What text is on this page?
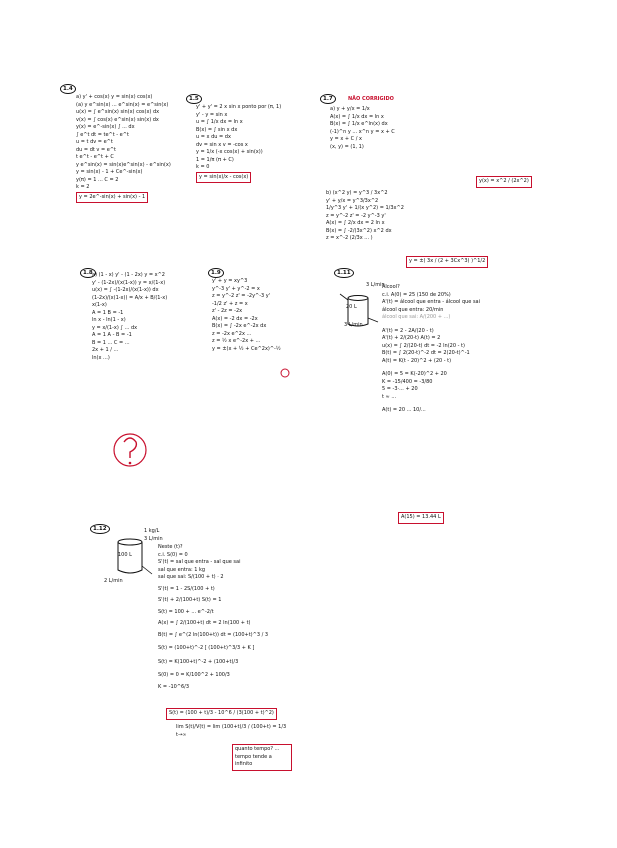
1.4
a) y' + cos(x) y = sin(x) cos(x)
(a) y e^sin(x) ... e^sin(x) = e^sin(x)
u(x) = ∫ e^sin(x) sin(x) cos(x) dx
v(x) = ∫ cos(x) e^sin(x) sin(x) dx
y(x) = e^-sin(x) ∫ ... dx
∫ e^t dt = te^t - e^t
u = t dv = e^t
du = dt v = e^t
t e^t - e^t + C
y e^sin(x) = sin(x)e^sin(x) - e^sin(x)
y = sin(x) - 1 + Ce^-sin(x)
y(π) = 1 ... C = 2
k = 2
y = 2e^-sin(x) + sin(x) - 1
1.5
y' + y' = 2 x sin x ponto por (π, 1)
y' - y = sin x
u = ∫ 1/x dx = ln x
B(x) = ∫ sin x dx
u = x du = dx
dv = sin x v = -cos x
y = 1/x (-x cos(x) + sin(x))
1 = 1/π (π + C)
k = 0
y = sin(x)/x - cos(x)
1.7	NÃO CORRIGIDO
a) y + y/x = 1/x
A(x) = ∫ 1/x dx = ln x
B(x) = ∫ 1/x e^ln(x) dx
(-1)^n y ... x^n y = x + C
y = x + C / x
(x, y) = (1, 1)
y(x) = x^2 / (2x^2)
b) (x^2 y) = y^3 / 3x^2
y' + y/x = y^3/3x^2
1/y^3 y' + 1/(x y^2) = 1/3x^2
z = y^-2 z' = -2 y^-3 y'
A(x) = ∫ 2/x dx = 2 ln x
B(x) = ∫ -2/(3x^2) x^2 dx
z = x^-2 (2/3x ... )
y = ±( 3x / (2 + 3Cx^3) )^1/2
1.8 a) (1 - x) y' - (1 - 2x) y = x^2
y' - (1-2x)/(x(1-x)) y = x/(1-x)
u(x) = ∫ -(1-2x)/(x(1-x)) dx
(1-2x)/(x(1-x)) = A/x + B/(1-x)
x(1-x)
A = 1 B = -1
ln x - ln(1 - x)
y = x/(1-x) ∫ ... dx
A = 1 A - B = -1
B = 1 ... C = ...
2x + 1 / ...
ln(x ...)
1.9
y' + y = xy^3
y^-3 y' + y^-2 = x
z = y^-2 z' = -2y^-3 y'
-1/2 z' + z = x
z' - 2z = -2x
A(x) = -2 dx = -2x
B(x) = ∫ -2x e^-2x dx
z = -2x e^2x ...
z = ½ x e^-2x + ...
y = ±(x + ½ + Ce^2x)^-½
1.11
20 L
3 L/min
3 L/min
Álcool?
c.i. A(0) = 25 (150 de 20%)
A'(t) = álcool que entra - álcool que sai
álcool que entra: 20/min
álcool que sai: A/(200 + ...)
A'(t) = 2 - 2A/(20 - t)
A'(t) + 2/(20-t) A(t) = 2
u(x) = ∫ 2/(20-t) dt = -2 ln(20 - t)
B(t) = ∫ 2(20-t)^-2 dt = 2(20-t)^-1
A(t) = K(t - 20)^2 + (20 - t)
A(0) = 5 = K(-20)^2 + 20
K = -15/400 = -3/80
5 = -3·... + 20
t ≈ ...
A(t) = 20 ... 10/...
A(15) = 13.44 L
1.12	1 kg/L
3 L/min
100 L
2 L/min
Neste (t)?
c.i. S(0) = 0
S'(t) = sal que entra - sal que sai
sal que entra: 1 kg
sal que sai: S/(100 + t) · 2
S'(t) = 1 - 2S/(100 + t)
S'(t) + 2/(100+t) S(t) = 1
S(t) = 100 + ... e^-2/t
A(x) = ∫ 2/(100+t) dt = 2 ln(100 + t)
B(t) = ∫ e^(2 ln(100+t)) dt = (100+t)^3 / 3
S(t) = (100+t)^-2 [ (100+t)^3/3 + K ]
S(t) = K(100+t)^-2 + (100+t)/3
S(0) = 0 = K/100^2 + 100/3
K = -10^6/3
S(t) = (100 + t)/3 - 10^6 / (3(100 + t)^2)
lim S(t)/V(t) = lim (100+t)/3 / (100+t) = 1/3
t→∞
quanto tempo? ... tempo tende a infinito
